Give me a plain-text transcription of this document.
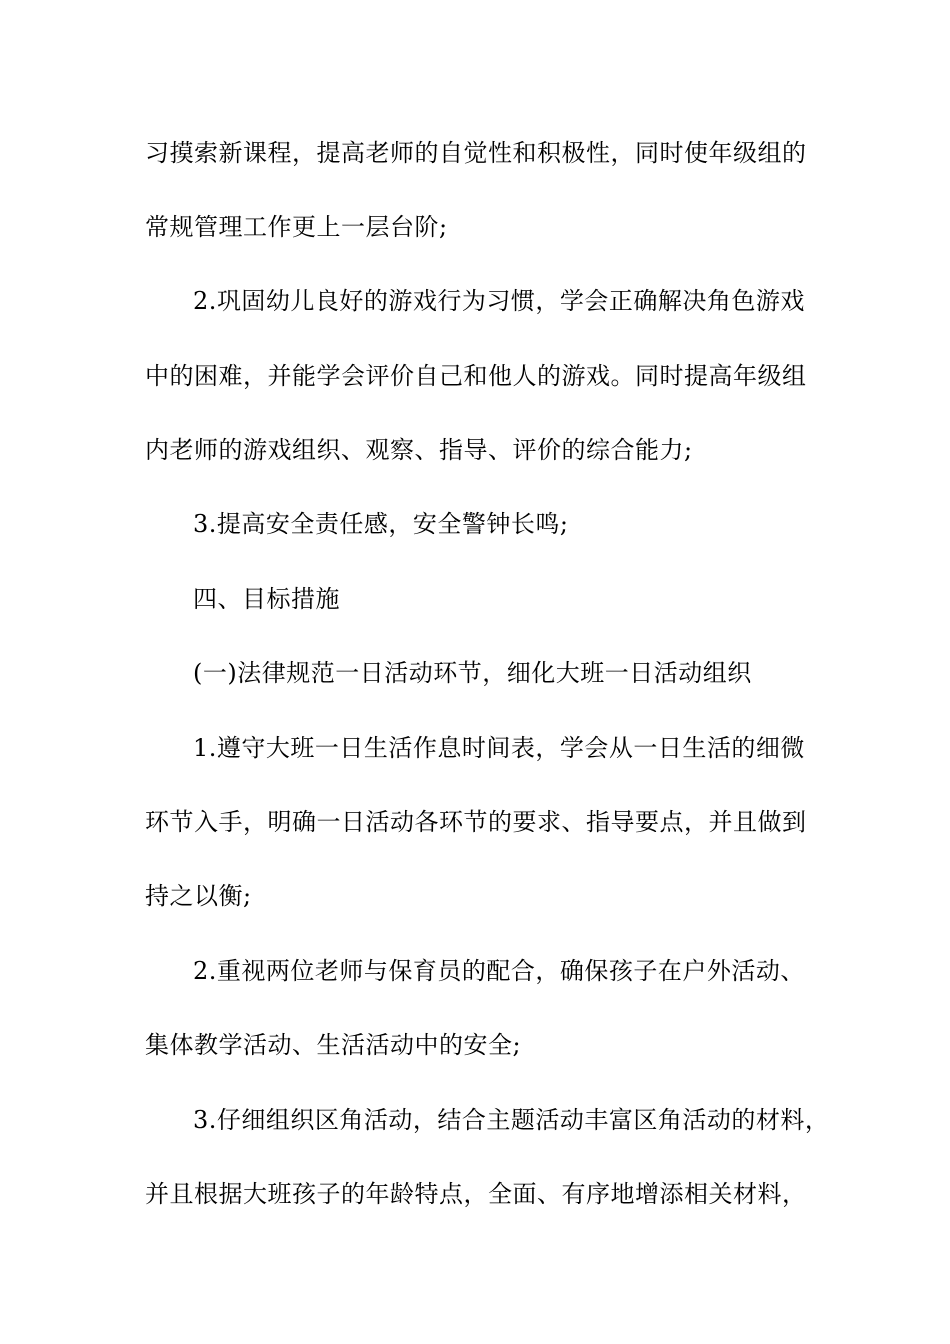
习摸索新课程，提高老师的自觉性和积极性，同时使年级组的
常规管理工作更上一层台阶;
2.巩固幼儿良好的游戏行为习惯，学会正确解决角色游戏
中的困难，并能学会评价自己和他人的游戏。同时提高年级组
内老师的游戏组织、观察、指导、评价的综合能力;
3.提高安全责任感，安全警钟长鸣;
四、目标措施
(一)法律规范一日活动环节，细化大班一日活动组织
1.遵守大班一日生活作息时间表，学会从一日生活的细微
环节入手，明确一日活动各环节的要求、指导要点，并且做到
持之以衡;
2.重视两位老师与保育员的配合，确保孩子在户外活动、
集体教学活动、生活活动中的安全;
3.仔细组织区角活动，结合主题活动丰富区角活动的材料，
并且根据大班孩子的年龄特点，全面、有序地增添相关材料，
